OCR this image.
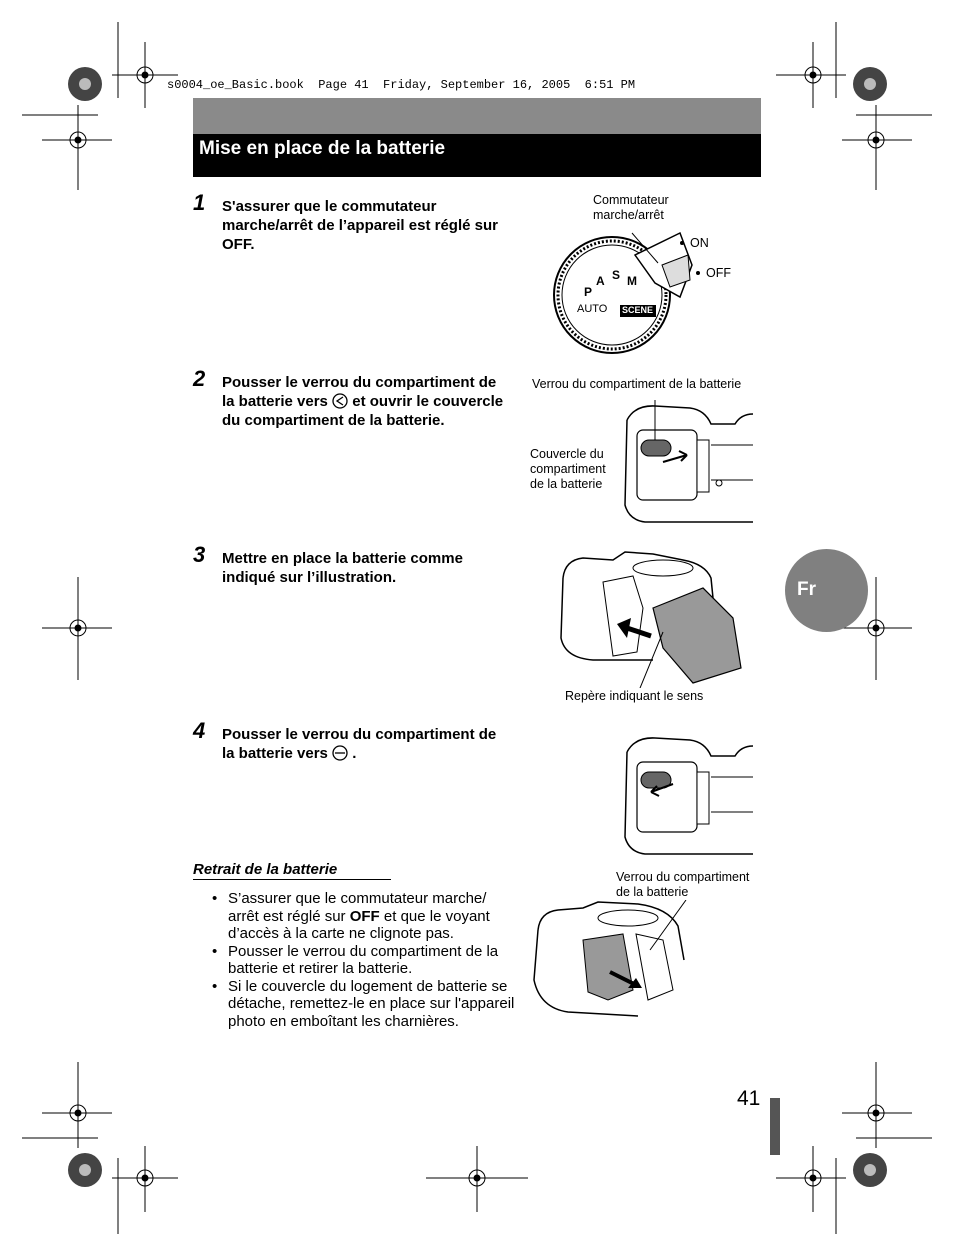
s0004_oe_Basic.book  Page 41  Friday, September 16, 2005  6:51 PM
Mise en place de la batterie
1 S'assurer que le commutateur marche/arrêt de l’appareil est réglé sur OFF.
Commutateur marche/arrêt
ON
OFF
AUTO SCENE
P
A S M
2 Pousser le verrou du compartiment de la batterie vers et ouvrir le couvercle du compartiment de la batterie.
Verrou du compartiment de la batterie
Couvercle du compartiment de la batterie
3 Mettre en place la batterie comme indiqué sur l’illustration.
Repère indiquant le sens
4 Pousser le verrou du compartiment de la batterie vers .
Retrait de la batterie
• S’assurer que le commutateur marche/ arrêt est réglé sur OFF et que le voyant d’accès à la carte ne clignote pas.
• Pousser le verrou du compartiment de la batterie et retirer la batterie.
• Si le couvercle du logement de batterie se détache, remettez-le en place sur l'appareil photo en emboîtant les charnières.
Verrou du compartiment de la batterie
Fr
41
